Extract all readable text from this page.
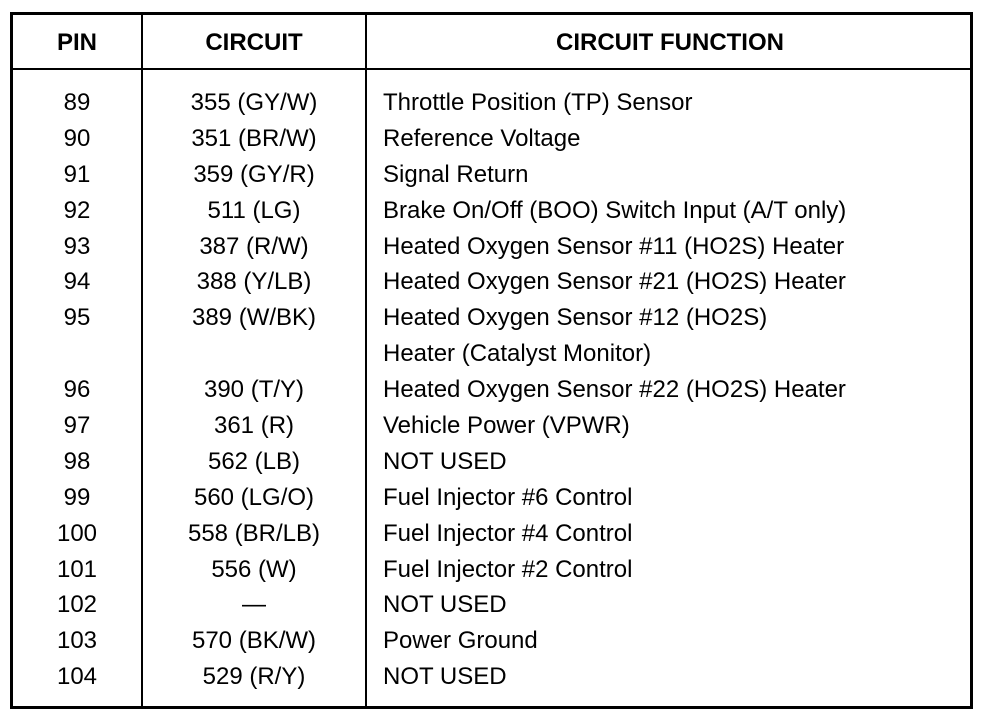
PIN	CIRCUIT	CIRCUIT FUNCTION
89	355 (GY/W)	Throttle Position (TP) Sensor
90	351 (BR/W)	Reference Voltage
91	359 (GY/R)	Signal Return
92	511 (LG)	Brake On/Off (BOO) Switch Input (A/T only)
93	387 (R/W)	Heated Oxygen Sensor #11 (HO2S) Heater
94	388 (Y/LB)	Heated Oxygen Sensor #21 (HO2S) Heater
95	389 (W/BK)	Heated Oxygen Sensor #12 (HO2S)
Heater (Catalyst Monitor)
96	390 (T/Y)	Heated Oxygen Sensor #22 (HO2S) Heater
97	361 (R)	Vehicle Power (VPWR)
98	562 (LB)	NOT USED
99	560 (LG/O)	Fuel Injector #6 Control
100	558 (BR/LB)	Fuel Injector #4 Control
101	556 (W)	Fuel Injector #2 Control
102	—	NOT USED
103	570 (BK/W)	Power Ground
104	529 (R/Y)	NOT USED
